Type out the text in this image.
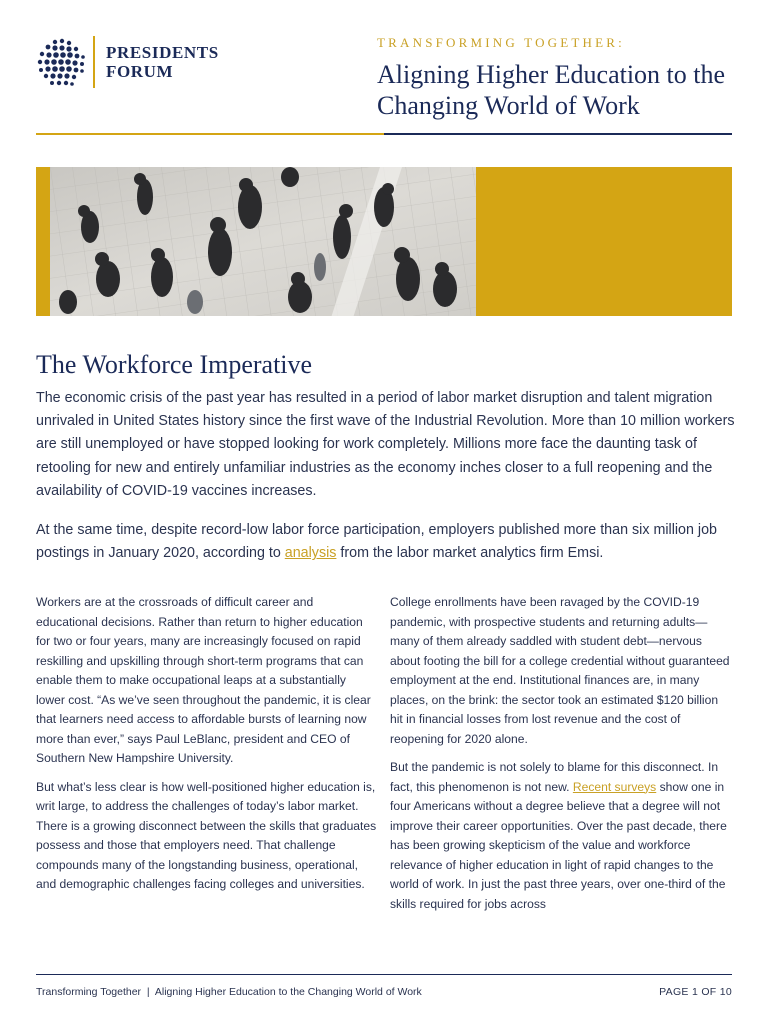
PRESIDENTS
FORUM
TRANSFORMING TOGETHER:
Aligning Higher Education to the Changing World of Work
The Workforce Imperative

The economic crisis of the past year has resulted in a period of labor market disruption and talent migration unrivaled in United States history since the first wave of the Industrial Revolution. More than 10 million workers are still unemployed or have stopped looking for work completely. Millions more face the daunting task of retooling for new and entirely unfamiliar industries as the economy inches closer to a full reopening and the availability of COVID-19 vaccines increases.

At the same time, despite record-low labor force participation, employers published more than six million job postings in January 2020, according to analysis from the labor market analytics firm Emsi.

Workers are at the crossroads of difficult career and educational decisions. Rather than return to higher education for two or four years, many are increasingly focused on rapid reskilling and upskilling through short-term programs that can enable them to make occupational leaps at a substantially lower cost. “As we’ve seen throughout the pandemic, it is clear that learners need access to affordable bursts of learning now more than ever,” says Paul LeBlanc, president and CEO of Southern New Hampshire University.

But what’s less clear is how well-positioned higher education is, writ large, to address the challenges of today’s labor market. There is a growing disconnect between the skills that graduates possess and those that employers need. That challenge compounds many of the longstanding business, operational, and demographic challenges facing colleges and universities.

College enrollments have been ravaged by the COVID-19 pandemic, with prospective students and returning adults—many of them already saddled with student debt—nervous about footing the bill for a college credential without guaranteed employment at the end. Institutional finances are, in many places, on the brink: the sector took an estimated $120 billion hit in financial losses from lost revenue and the cost of reopening for 2020 alone.

But the pandemic is not solely to blame for this disconnect. In fact, this phenomenon is not new. Recent surveys show one in four Americans without a degree believe that a degree will not improve their career opportunities. Over the past decade, there has been growing skepticism of the value and workforce relevance of higher education in light of rapid changes to the world of work. In just the past three years, over one-third of the skills required for jobs across

Transforming Together  |  Aligning Higher Education to the Changing World of Work	PAGE 1 OF 10
